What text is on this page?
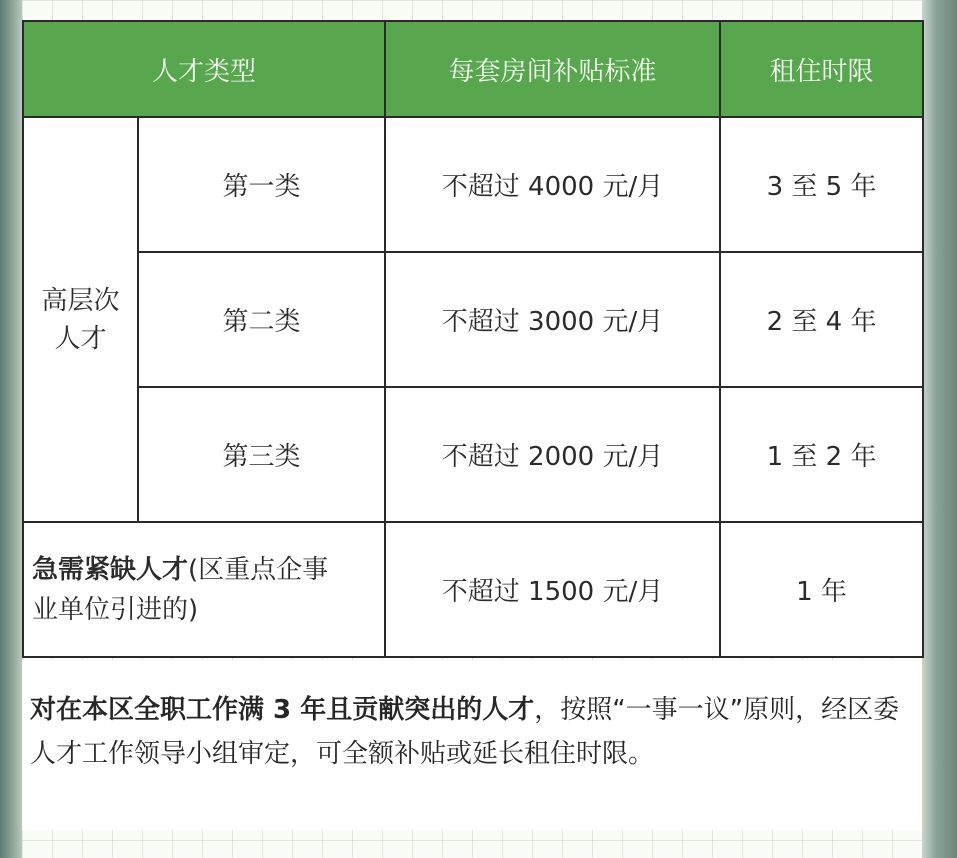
人才类型		每套房间补贴标准	租住时限
高层次
人才	第一类	不超过 4000 元/月	3 至 5 年
	第二类	不超过 3000 元/月	2 至 4 年
	第三类	不超过 2000 元/月	1 至 2 年
急需紧缺人才(区重点企事
业单位引进的)		不超过 1500 元/月	1 年
对在本区全职工作满 3 年且贡献突出的人才，按照“一事一议”原则，经区委人才工作领导小组审定，可全额补贴或延长租住时限。
